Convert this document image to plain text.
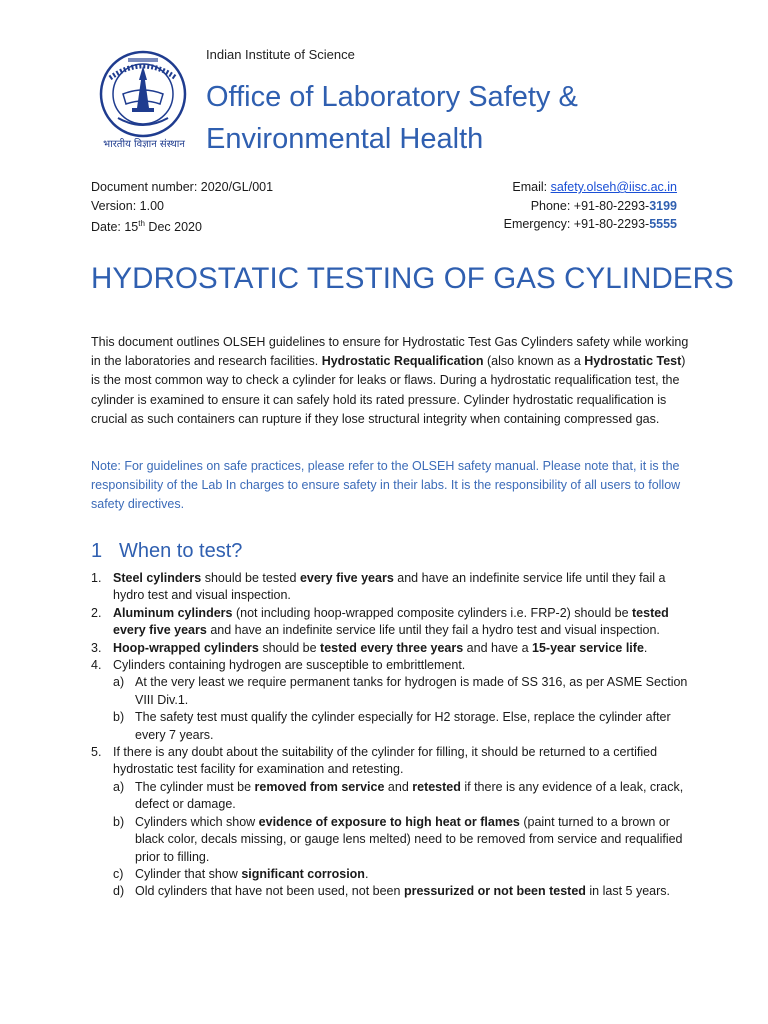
भारतीय विज्ञान संस्थान
Indian Institute of Science
Office of Laboratory Safety &
Environmental Health
Document number: 2020/GL/001
Version: 1.00
Date: 15th Dec 2020
Email: safety.olseh@iisc.ac.in
Phone: +91-80-2293-3199
Emergency: +91-80-2293-5555
HYDROSTATIC TESTING OF GAS CYLINDERS
This document outlines OLSEH guidelines to ensure for Hydrostatic Test Gas Cylinders safety while working in the laboratories and research facilities. Hydrostatic Requalification (also known as a Hydrostatic Test) is the most common way to check a cylinder for leaks or flaws. During a hydrostatic requalification test, the cylinder is examined to ensure it can safely hold its rated pressure. Cylinder hydrostatic requalification is crucial as such containers can rupture if they lose structural integrity when containing compressed gas.
Note: For guidelines on safe practices, please refer to the OLSEH safety manual. Please note that, it is the responsibility of the Lab In charges to ensure safety in their labs. It is the responsibility of all users to follow safety directives.
1 When to test?
1. Steel cylinders should be tested every five years and have an indefinite service life until they fail a hydro test and visual inspection.
2. Aluminum cylinders (not including hoop-wrapped composite cylinders i.e. FRP-2) should be tested every five years and have an indefinite service life until they fail a hydro test and visual inspection.
3. Hoop-wrapped cylinders should be tested every three years and have a 15-year service life.
4. Cylinders containing hydrogen are susceptible to embrittlement.
a) At the very least we require permanent tanks for hydrogen is made of SS 316, as per ASME Section VIII Div.1.
b) The safety test must qualify the cylinder especially for H2 storage. Else, replace the cylinder after every 7 years.
5. If there is any doubt about the suitability of the cylinder for filling, it should be returned to a certified hydrostatic test facility for examination and retesting.
a) The cylinder must be removed from service and retested if there is any evidence of a leak, crack, defect or damage.
b) Cylinders which show evidence of exposure to high heat or flames (paint turned to a brown or black color, decals missing, or gauge lens melted) need to be removed from service and requalified prior to filling.
c) Cylinder that show significant corrosion.
d) Old cylinders that have not been used, not been pressurized or not been tested in last 5 years.
